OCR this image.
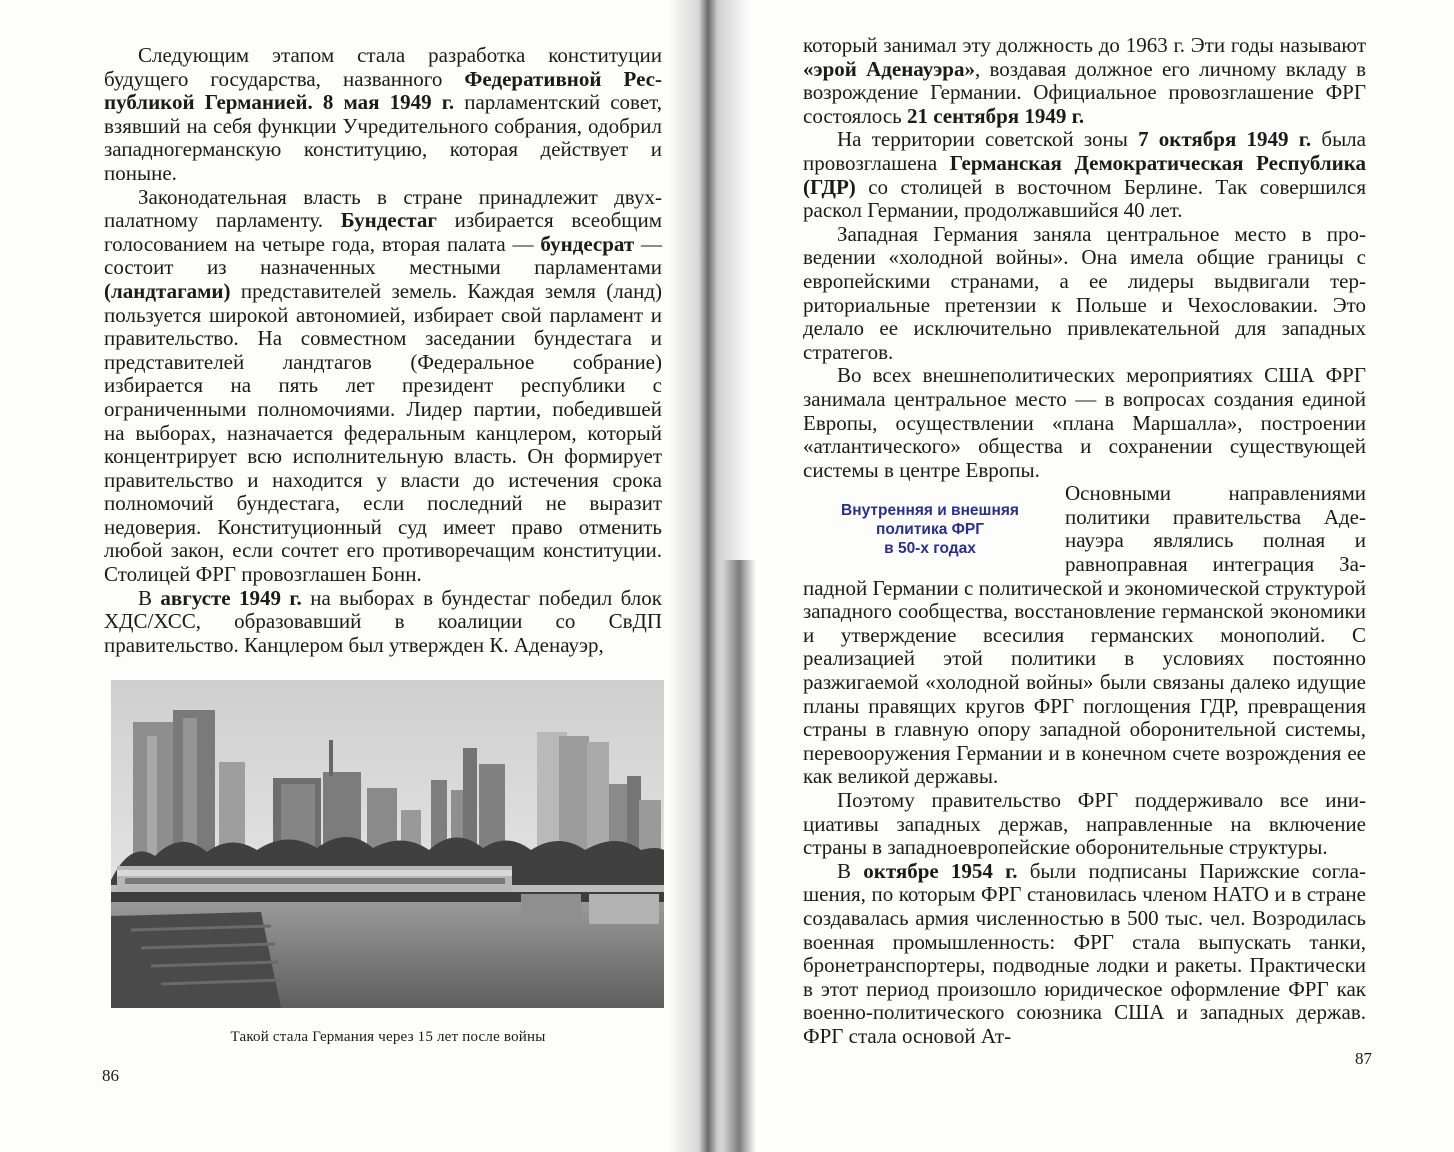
Следующим этапом стала разработка конституции будущего государства, названного Федеративной Республикой Германией. 8 мая 1949 г. парламентский совет, взявший на себя функции Учредительного собрания, одобрил западногерманскую конституцию, которая действует и поныне.

Законодательная власть в стране принадлежит двухпалатному парламенту. Бундестаг избирается всеобщим голосованием на четыре года, вторая палата — бундесрат — состоит из назначенных местными парламентами (ландтагами) представителей земель. Каждая земля (ланд) пользуется широкой автономией, избирает свой парламент и правительство. На совместном заседании бундестага и представителей ландтагов (Федеральное собрание) избирается на пять лет президент республики с ограниченными полномочиями. Лидер партии, победившей на выборах, назначается федеральным канцлером, который концентрирует всю исполнительную власть. Он формирует правительство и находится у власти до истечения срока полномочий бундестага, если последний не выразит недоверия. Конституционный суд имеет право отменить любой закон, если сочтет его противоречащим конституции. Столицей ФРГ провозглашен Бонн.

В августе 1949 г. на выборах в бундестаг победил блок ХДС/ХСС, образовавший в коалиции со СвДП правительство. Канцлером был утвержден К. Аденауэр,

Такой стала Германия через 15 лет после войны
86

который занимал эту должность до 1963 г. Эти годы называют «эрой Аденауэра», воздавая должное его личному вкладу в возрождение Германии. Официальное провозглашение ФРГ состоялось 21 сентября 1949 г.

На территории советской зоны 7 октября 1949 г. была провозглашена Германская Демократическая Республика (ГДР) со столицей в восточном Берлине. Так совершился раскол Германии, продолжавшийся 40 лет.

Западная Германия заняла центральное место в проведении «холодной войны». Она имела общие границы с европейскими странами, а ее лидеры выдвигали территориальные претензии к Польше и Чехословакии. Это делало ее исключительно привлекательной для западных стратегов.

Во всех внешнеполитических мероприятиях США ФРГ занимала центральное место — в вопросах создания единой Европы, осуществлении «плана Маршалла», построении «атлантического» общества и сохранении существующей системы в центре Европы.

Внутренняя и внешняя
политика ФРГ
в 50-х годах

Основными направлениями политики правительства Аденауэра являлись полная и равноправная интеграция Западной Германии с политической и экономической структурой западного сообщества, восстановление германской экономики и утверждение всесилия германских монополий. С реализацией этой политики в условиях постоянно разжигаемой «холодной войны» были связаны далеко идущие планы правящих кругов ФРГ поглощения ГДР, превращения страны в главную опору западной оборонительной системы, перевооружения Германии и в конечном счете возрождения ее как великой державы.

Поэтому правительство ФРГ поддерживало все инициативы западных держав, направленные на включение страны в западноевропейские оборонительные структуры.

В октябре 1954 г. были подписаны Парижские соглашения, по которым ФРГ становилась членом НАТО и в стране создавалась армия численностью в 500 тыс. чел. Возродилась военная промышленность: ФРГ стала выпускать танки, бронетранспортеры, подводные лодки и ракеты. Практически в этот период произошло юридическое оформление ФРГ как военно-политического союзника США и западных держав. ФРГ стала основой Ат-

87
